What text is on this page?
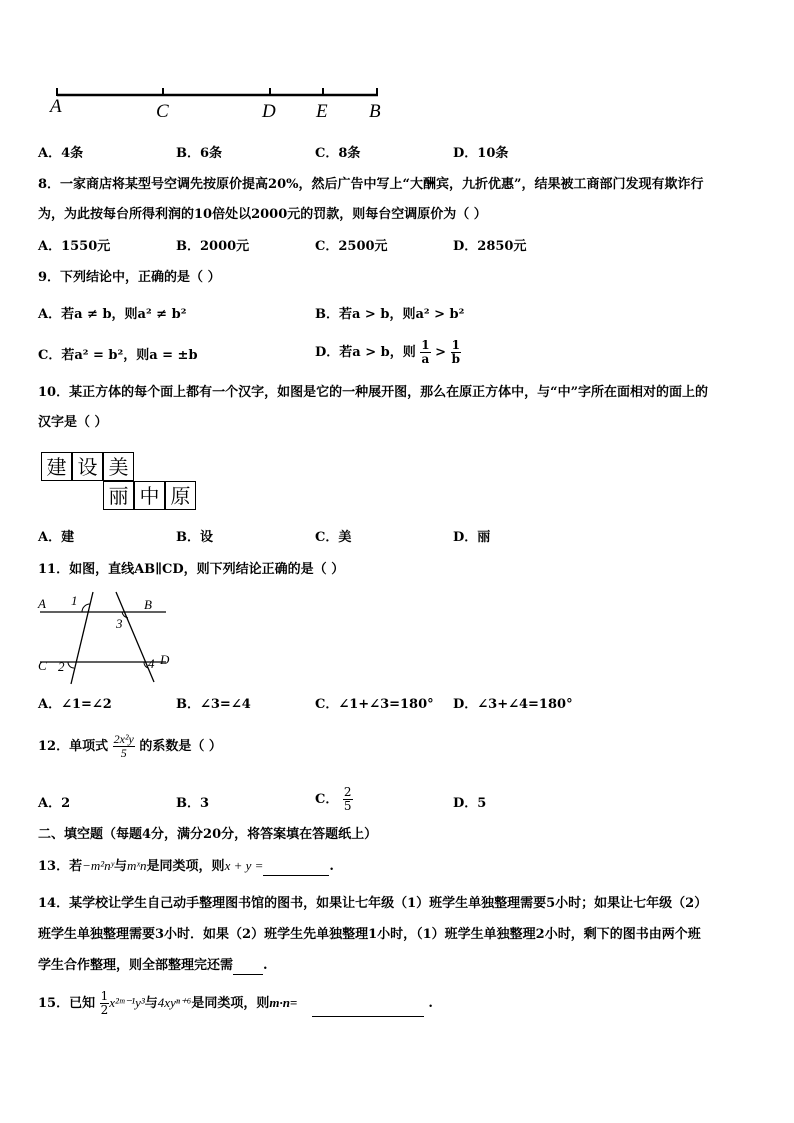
A	C	D E B
A．4条	B．6条	C．8条	D．10条
8．一家商店将某型号空调先按原价提高20%，然后广告中写上“大酬宾，九折优惠”，结果被工商部门发现有欺诈行
为，为此按每台所得利润的10倍处以2000元的罚款，则每台空调原价为（ ）
A．1550元	B．2000元	C．2500元	D．2850元
9．下列结论中，正确的是（ ）
A．若a ≠ b，则a² ≠ b²	B．若a > b，则a² > b²
C．若a² = b²，则a = ±b	D．若a > b，则 $\frac{1}{a} > \frac{1}{b}$
10．某正方体的每个面上都有一个汉字，如图是它的一种展开图，那么在原正方体中，与“中”字所在面相对的面上的
汉字是（ ）
建 设 美
丽 中 原
A．建	B．设	C．美	D．丽
11．如图，直线AB∥CD，则下列结论正确的是（ ）
A 1	B
3
C 2	4 D
A．∠1=∠2	B．∠3=∠4	C．∠1+∠3=180° D．∠3+∠4=180°
12．单项式 $\frac{\text{2x²y}}{5}$ 的系数是（ ）
A．2	B．3	C． $\frac{2}{5}$	D．5
二、填空题（每题4分，满分20分，将答案填在答题纸上）
13．若−m²nʸ与mˣn是同类项，则x + y =	.
14．某学校让学生自己动手整理图书馆的图书，如果让七年级（1）班学生单独整理需要5小时；如果让七年级（2）
班学生单独整理需要3小时．如果（2）班学生先单独整理1小时，（1）班学生单独整理2小时，剩下的图书由两个班
学生合作整理，则全部整理完还需 .
15．已知 $\frac{1}{2}$ x²ᵐ⁻¹y³与4xyⁿ⁺⁶是同类项，则m·n=	.
